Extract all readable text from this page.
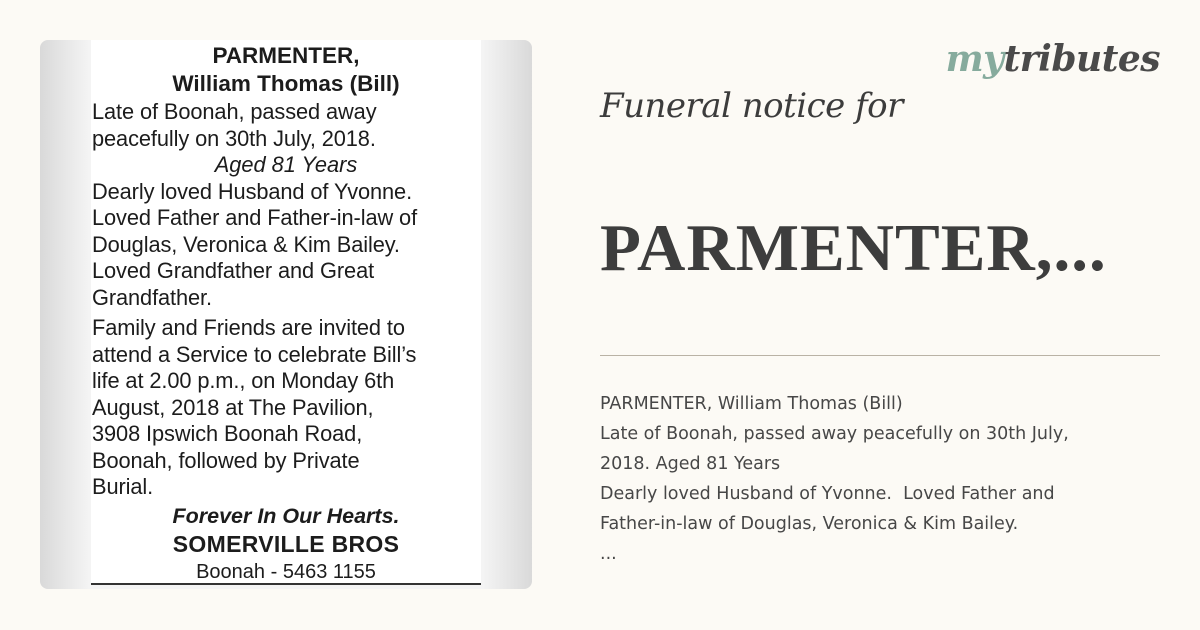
PARMENTER,
William Thomas (Bill)
Late of Boonah, passed away
peacefully on 30th July, 2018.
Aged 81 Years
Dearly loved Husband of Yvonne.
Loved Father and Father-in-law of
Douglas, Veronica & Kim Bailey.
Loved Grandfather and Great
Grandfather.
Family and Friends are invited to
attend a Service to celebrate Bill’s
life at 2.00 p.m., on Monday 6th
August, 2018 at The Pavilion,
3908 Ipswich Boonah Road,
Boonah, followed by Private
Burial.
Forever In Our Hearts.
SOMERVILLE BROS
Boonah - 5463 1155
mytributes
Funeral notice for
PARMENTER,...
PARMENTER, William Thomas (Bill)
Late of Boonah, passed away peacefully on 30th July,
2018. Aged 81 Years
Dearly loved Husband of Yvonne.  Loved Father and
Father-in-law of Douglas, Veronica & Kim Bailey.
...
